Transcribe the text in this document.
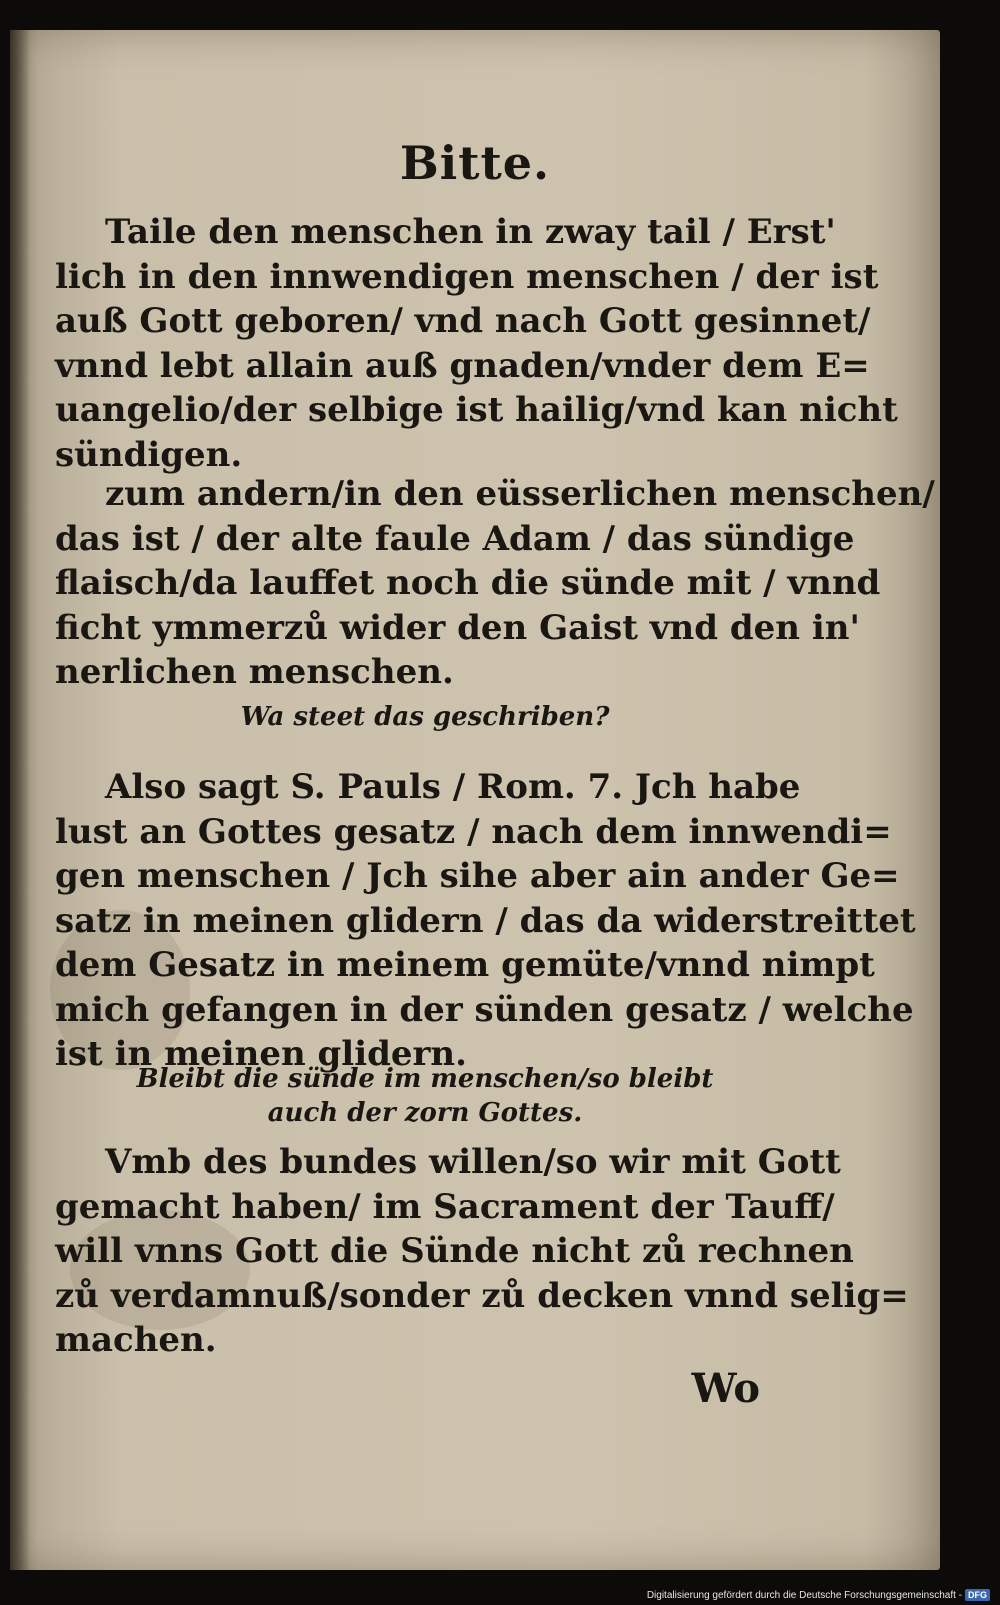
Bitte.
Taile den menschen in zway tail / Erst'
lich in den innwendigen menschen / der ist
auß Gott geboren/ vnd nach Gott gesinnet/
vnnd lebt allain auß gnaden/vnder dem E=
uangelio/der selbige ist hailig/vnd kan nicht
sündigen.
zum andern/in den eüsserlichen menschen/
das ist / der alte faule Adam / das sündige
flaisch/da lauffet noch die sünde mit / vnnd
ficht ymmerzů wider den Gaist vnd den in'
nerlichen menschen.
Wa steet das geschriben?
Also sagt S. Pauls / Rom. 7. Jch habe
lust an Gottes gesatz / nach dem innwendi=
gen menschen / Jch sihe aber ain ander Ge=
satz in meinen glidern / das da widerstreittet
dem Gesatz in meinem gemüte/vnnd nimpt
mich gefangen in der sünden gesatz / welche
ist in meinen glidern.
Bleibt die sünde im menschen/so bleibt
auch der zorn Gottes.
Vmb des bundes willen/so wir mit Gott
gemacht haben/ im Sacrament der Tauff/
will vnns Gott die Sünde nicht zů rechnen
zů verdamnuß/sonder zů decken vnnd selig=
machen.
Wo
Digitalisierung gefördert durch die Deutsche Forschungsgemeinschaft - DFG
